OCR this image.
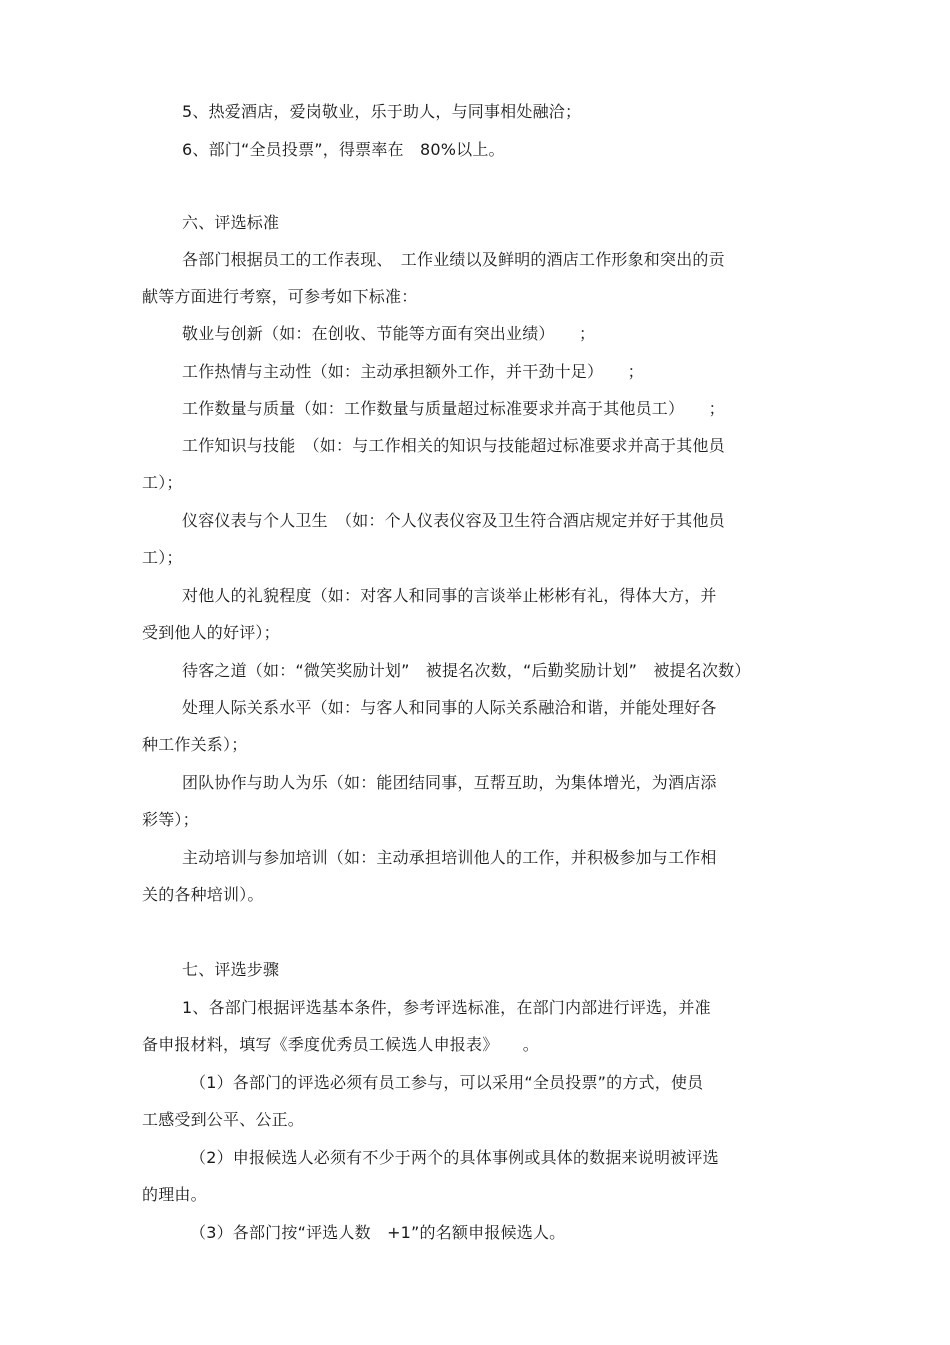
5、热爱酒店，爱岗敬业，乐于助人，与同事相处融洽；
6、部门“全员投票”，得票率在　80%以上。
六、评选标准
各部门根据员工的工作表现、　工作业绩以及鲜明的酒店工作形象和突出的贡
献等方面进行考察，可参考如下标准：
敬业与创新（如：在创收、节能等方面有突出业绩）　　；
工作热情与主动性（如：主动承担额外工作，并干劲十足）　　；
工作数量与质量（如：工作数量与质量超过标准要求并高于其他员工）　　；
工作知识与技能　（如：与工作相关的知识与技能超过标准要求并高于其他员
工）；
仪容仪表与个人卫生　（如：个人仪表仪容及卫生符合酒店规定并好于其他员
工）；
对他人的礼貌程度（如：对客人和同事的言谈举止彬彬有礼，得体大方，并
受到他人的好评）；
待客之道（如：“微笑奖励计划”　被提名次数，“后勤奖励计划”　被提名次数）
处理人际关系水平（如：与客人和同事的人际关系融洽和谐，并能处理好各
种工作关系）；
团队协作与助人为乐（如：能团结同事，互帮互助，为集体增光，为酒店添
彩等）；
主动培训与参加培训（如：主动承担培训他人的工作，并积极参加与工作相
关的各种培训）。
七、评选步骤
1、各部门根据评选基本条件，参考评选标准，在部门内部进行评选，并准
备申报材料，填写《季度优秀员工候选人申报表》　　。
（1）各部门的评选必须有员工参与，可以采用“全员投票”的方式，使员
工感受到公平、公正。
（2）申报候选人必须有不少于两个的具体事例或具体的数据来说明被评选
的理由。
（3）各部门按“评选人数　+1”的名额申报候选人。
